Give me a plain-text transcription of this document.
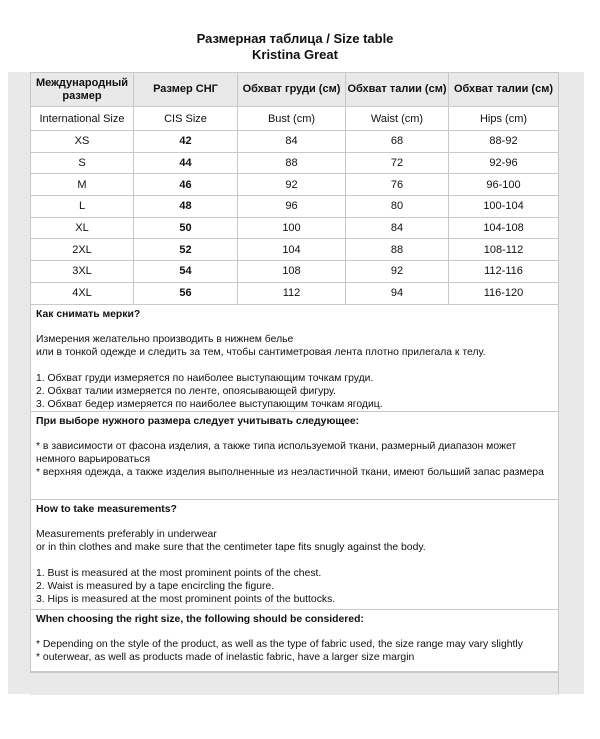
Размерная таблица / Size table
Kristina Great
Международный размер	Размер СНГ	Обхват груди (см)	Обхват талии (см)	Обхват талии (см)
International Size	CIS Size	Bust (cm)	Waist (cm)	Hips (cm)
XS	42	84	68	88-92
S	44	88	72	92-96
M	46	92	76	96-100
L	48	96	80	100-104
XL	50	100	84	104-108
2XL	52	104	88	108-112
3XL	54	108	92	112-116
4XL	56	112	94	116-120

Как снимать мерки?

Измерения желательно производить в нижнем белье

или в тонкой одежде и следить за тем, чтобы сантиметровая лента плотно прилегала к телу.

1. Обхват груди измеряется по наиболее выступающим точкам груди.

2. Обхват талии измеряется по ленте, опоясывающей фигуру.

3. Обхват бедер измеряется по наиболее выступающим точкам ягодиц.

При выборе нужного размера следует учитывать следующее:

* в зависимости от фасона изделия, а также типа используемой ткани, размерный диапазон может немного варьироваться

* верхняя одежда, а также изделия выполненные из неэластичной ткани, имеют больший запас размера

How to take measurements?

Measurements preferably in underwear

or in thin clothes and make sure that the centimeter tape fits snugly against the body.

1. Bust is measured at the most prominent points of the chest.

2. Waist is measured by a tape encircling the figure.

3. Hips is measured at the most prominent points of the buttocks.

When choosing the right size, the following should be considered:

* Depending on the style of the product, as well as the type of fabric used, the size range may vary slightly

* outerwear, as well as products made of inelastic fabric, have a larger size margin
